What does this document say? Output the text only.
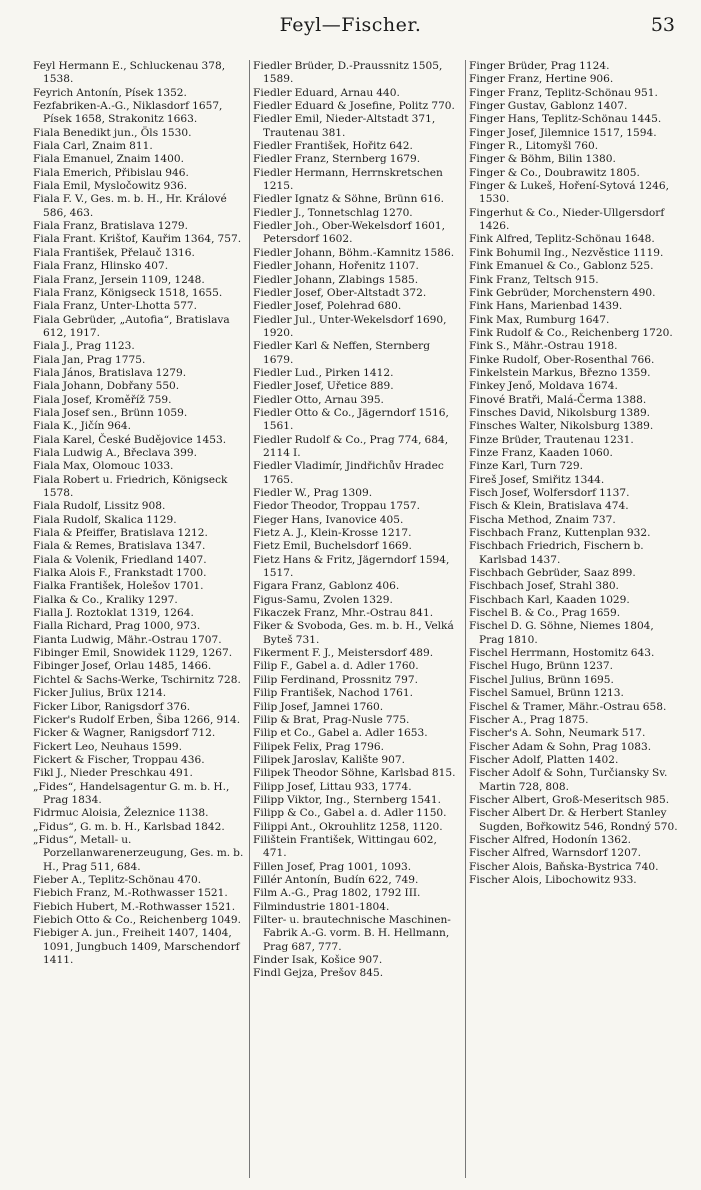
Feyl—Fischer.	53
Feyl Hermann E., Schluckenau 378, 1538.
Feyrich Antonín, Písek 1352.
Fezfabriken-A.-G., Niklasdorf 1657, Písek 1658, Strakonitz 1663.
Fiala Benedikt jun., Öls 1530.
Fiala Carl, Znaim 811.
Fiala Emanuel, Znaim 1400.
Fiala Emerich, Přibislau 946.
Fiala Emil, Mysločowitz 936.
Fiala F. V., Ges. m. b. H., Hr. Králové 586, 463.
Fiala Franz, Bratislava 1279.
Fiala Frant. Krištof, Kauřim 1364, 757.
Fiala František, Přelauč 1316.
Fiala Franz, Hlinsko 407.
Fiala Franz, Jersein 1109, 1248.
Fiala Franz, Königseck 1518, 1655.
Fiala Franz, Unter-Lhotta 577.
Fiala Gebrüder, „Autofia“, Bratislava 612, 1917.
Fiala J., Prag 1123.
Fiala Jan, Prag 1775.
Fiala János, Bratislava 1279.
Fiala Johann, Dobřany 550.
Fiala Josef, Kroměříž 759.
Fiala Josef sen., Brünn 1059.
Fiala K., Jičín 964.
Fiala Karel, České Budějovice 1453.
Fiala Ludwig A., Břeclava 399.
Fiala Max, Olomouc 1033.
Fiala Robert u. Friedrich, Königseck 1578.
Fiala Rudolf, Lissitz 908.
Fiala Rudolf, Skalica 1129.
Fiala & Pfeiffer, Bratislava 1212.
Fiala & Remes, Bratislava 1347.
Fiala & Volenik, Friedland 1407.
Fialka Alois F., Frankstadt 1700.
Fialka František, Holešov 1701.
Fialka & Co., Kraliky 1297.
Fialla J. Roztoklat 1319, 1264.
Fialla Richard, Prag 1000, 973.
Fianta Ludwig, Mähr.-Ostrau 1707.
Fibinger Emil, Snowidek 1129, 1267.
Fibinger Josef, Orlau 1485, 1466.
Fichtel & Sachs-Werke, Tschirnitz 728.
Ficker Julius, Brüx 1214.
Ficker Libor, Ranigsdorf 376.
Ficker's Rudolf Erben, Šiba 1266, 914.
Ficker & Wagner, Ranigsdorf 712.
Fickert Leo, Neuhaus 1599.
Fickert & Fischer, Troppau 436.
Fikl J., Nieder Preschkau 491.
„Fides“, Handelsagentur G. m. b. H., Prag 1834.
Fidrmuc Aloisia, Železnice 1138.
„Fidus“, G. m. b. H., Karlsbad 1842.
„Fidus“, Metall- u. Porzellanwarenerzeugung, Ges. m. b. H., Prag 511, 684.
Fieber A., Teplitz-Schönau 470.
Fiebich Franz, M.-Rothwasser 1521.
Fiebich Hubert, M.-Rothwasser 1521.
Fiebich Otto & Co., Reichenberg 1049.
Fiebiger A. jun., Freiheit 1407, 1404, 1091, Jungbuch 1409, Marschendorf 1411.
Fiedler Brüder, D.-Praussnitz 1505, 1589.
Fiedler Eduard, Arnau 440.
Fiedler Eduard & Josefine, Politz 770.
Fiedler Emil, Nieder-Altstadt 371, Trautenau 381.
Fiedler František, Hořitz 642.
Fiedler Franz, Sternberg 1679.
Fiedler Hermann, Herrnskretschen 1215.
Fiedler Ignatz & Söhne, Brünn 616.
Fiedler J., Tonnetschlag 1270.
Fiedler Joh., Ober-Wekelsdorf 1601, Petersdorf 1602.
Fiedler Johann, Böhm.-Kamnitz 1586.
Fiedler Johann, Hořenitz 1107.
Fiedler Johann, Zlabings 1585.
Fiedler Josef, Ober-Altstadt 372.
Fiedler Josef, Polehrad 680.
Fiedler Jul., Unter-Wekelsdorf 1690, 1920.
Fiedler Karl & Neffen, Sternberg 1679.
Fiedler Lud., Pirken 1412.
Fiedler Josef, Uřetice 889.
Fiedler Otto, Arnau 395.
Fiedler Otto & Co., Jägerndorf 1516, 1561.
Fiedler Rudolf & Co., Prag 774, 684, 2114 I.
Fiedler Vladimír, Jindřichův Hradec 1765.
Fiedler W., Prag 1309.
Fiedor Theodor, Troppau 1757.
Fieger Hans, Ivanovice 405.
Fietz A. J., Klein-Krosse 1217.
Fietz Emil, Buchelsdorf 1669.
Fietz Hans & Fritz, Jägerndorf 1594, 1517.
Figara Franz, Gablonz 406.
Figus-Samu, Zvolen 1329.
Fikaczek Franz, Mhr.-Ostrau 841.
Fiker & Svoboda, Ges. m. b. H., Velká Byteš 731.
Fikerment F. J., Meistersdorf 489.
Filip F., Gabel a. d. Adler 1760.
Filip Ferdinand, Prossnitz 797.
Filip František, Nachod 1761.
Filip Josef, Jamnei 1760.
Filip & Brat, Prag-Nusle 775.
Filip et Co., Gabel a. Adler 1653.
Filipek Felix, Prag 1796.
Filipek Jaroslav, Kalište 907.
Filipek Theodor Söhne, Karlsbad 815.
Filipp Josef, Littau 933, 1774.
Filipp Viktor, Ing., Sternberg 1541.
Filipp & Co., Gabel a. d. Adler 1150.
Filippi Ant., Okrouhlitz 1258, 1120.
Filištein František, Wittingau 602, 471.
Fillen Josef, Prag 1001, 1093.
Fillér Antonín, Budín 622, 749.
Film A.-G., Prag 1802, 1792 III.
Filmindustrie 1801-1804.
Filter- u. brautechnische Maschinen-Fabrik A.-G. vorm. B. H. Hellmann, Prag 687, 777.
Finder Isak, Košice 907.
Findl Gejza, Prešov 845.
Finger Brüder, Prag 1124.
Finger Franz, Hertine 906.
Finger Franz, Teplitz-Schönau 951.
Finger Gustav, Gablonz 1407.
Finger Hans, Teplitz-Schönau 1445.
Finger Josef, Jilemnice 1517, 1594.
Finger R., Litomyšl 760.
Finger & Böhm, Bilin 1380.
Finger & Co., Doubrawitz 1805.
Finger & Lukeš, Hoření-Sytová 1246, 1530.
Fingerhut & Co., Nieder-Ullgersdorf 1426.
Fink Alfred, Teplitz-Schönau 1648.
Fink Bohumil Ing., Nezvěstice 1119.
Fink Emanuel & Co., Gablonz 525.
Fink Franz, Teltsch 915.
Fink Gebrüder, Morchenstern 490.
Fink Hans, Marienbad 1439.
Fink Max, Rumburg 1647.
Fink Rudolf & Co., Reichenberg 1720.
Fink S., Mähr.-Ostrau 1918.
Finke Rudolf, Ober-Rosenthal 766.
Finkelstein Markus, Březno 1359.
Finkey Jenő, Moldava 1674.
Finové Bratři, Malá-Čerma 1388.
Finsches David, Nikolsburg 1389.
Finsches Walter, Nikolsburg 1389.
Finze Brüder, Trautenau 1231.
Finze Franz, Kaaden 1060.
Finze Karl, Turn 729.
Fireš Josef, Smiřitz 1344.
Fisch Josef, Wolfersdorf 1137.
Fisch & Klein, Bratislava 474.
Fischa Method, Znaim 737.
Fischbach Franz, Kuttenplan 932.
Fischbach Friedrich, Fischern b. Karlsbad 1437.
Fischbach Gebrüder, Saaz 899.
Fischbach Josef, Strahl 380.
Fischbach Karl, Kaaden 1029.
Fischel B. & Co., Prag 1659.
Fischel D. G. Söhne, Niemes 1804, Prag 1810.
Fischel Herrmann, Hostomitz 643.
Fischel Hugo, Brünn 1237.
Fischel Julius, Brünn 1695.
Fischel Samuel, Brünn 1213.
Fischel & Tramer, Mähr.-Ostrau 658.
Fischer A., Prag 1875.
Fischer's A. Sohn, Neumark 517.
Fischer Adam & Sohn, Prag 1083.
Fischer Adolf, Platten 1402.
Fischer Adolf & Sohn, Turčiansky Sv. Martin 728, 808.
Fischer Albert, Groß-Meseritsch 985.
Fischer Albert Dr. & Herbert Stanley Sugden, Bořkowitz 546, Rondný 570.
Fischer Alfred, Hodonín 1362.
Fischer Alfred, Warnsdorf 1207.
Fischer Alois, Baňska-Bystrica 740.
Fischer Alois, Libochowitz 933.
